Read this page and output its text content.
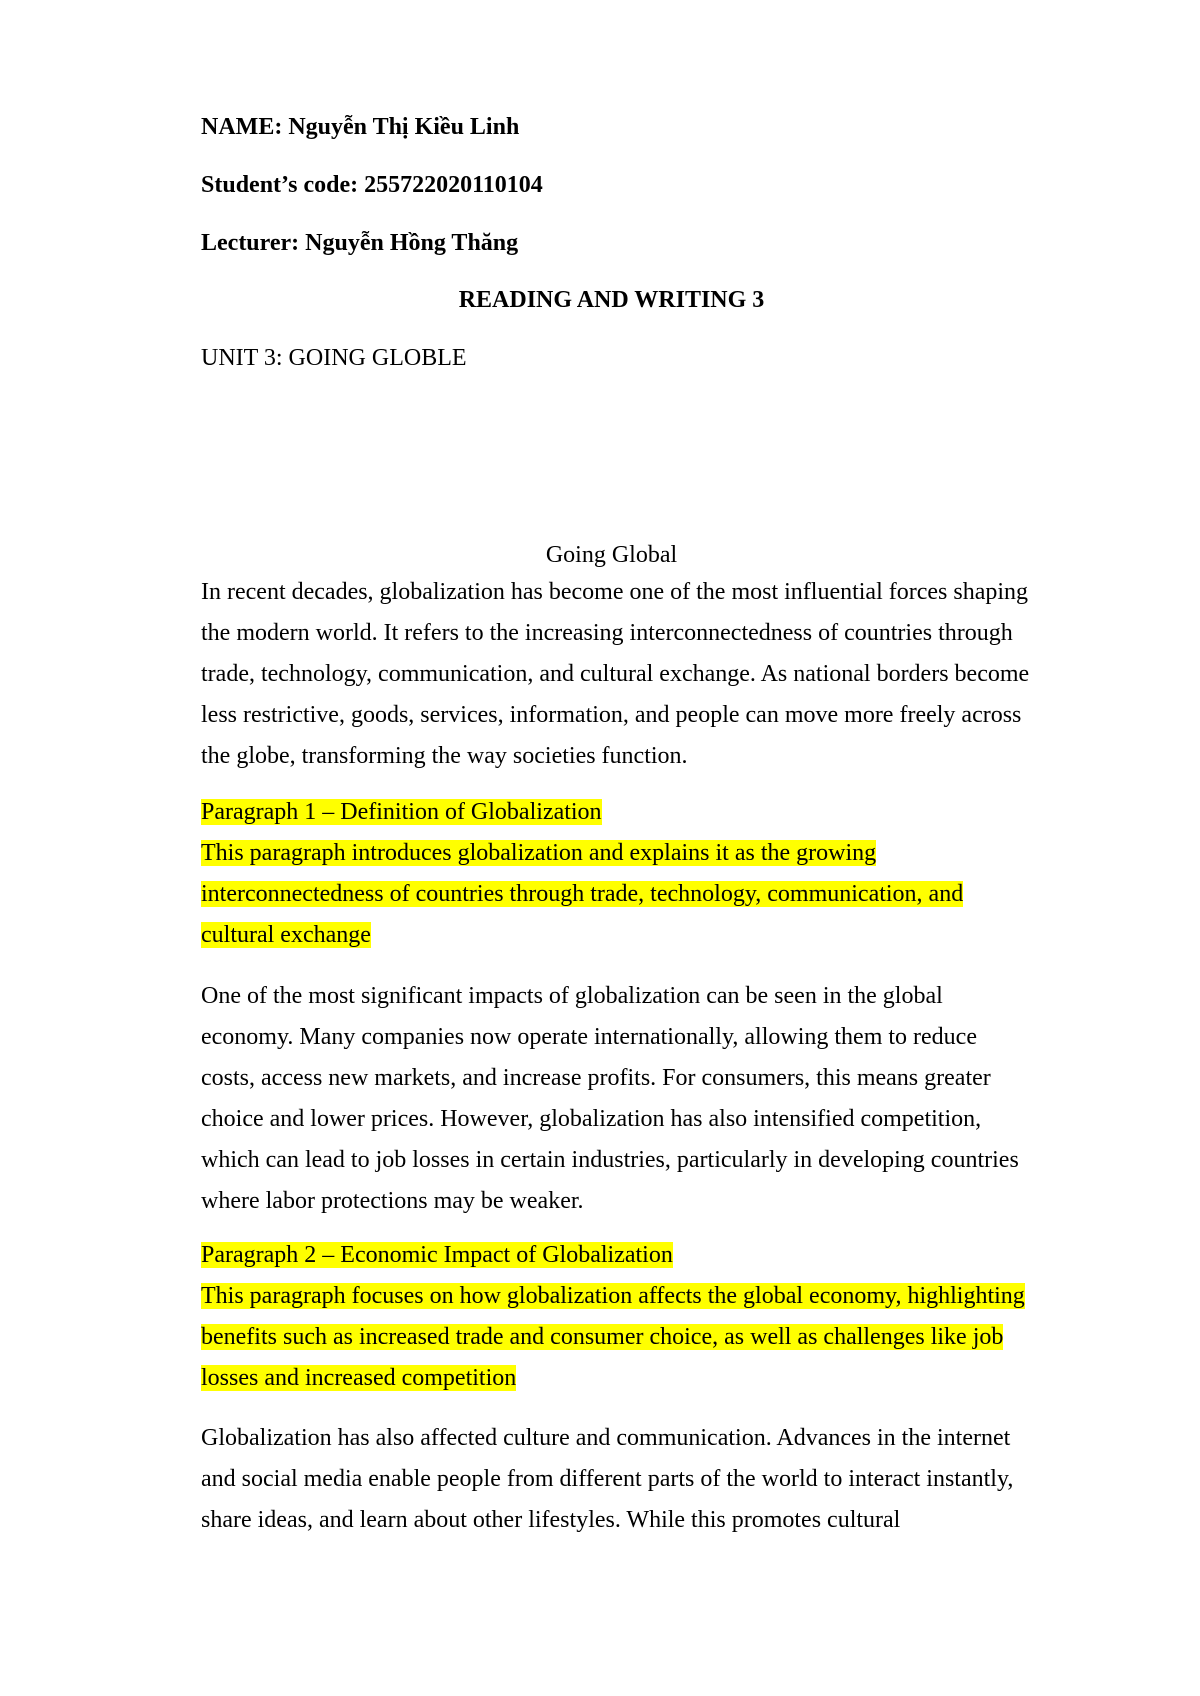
NAME: Nguyễn Thị Kiều Linh

Student’s code: 255722020110104

Lecturer: Nguyễn Hồng Thăng

READING AND WRITING 3

UNIT 3: GOING GLOBLE

Going Global

In recent decades, globalization has become one of the most influential forces shaping
the modern world. It refers to the increasing interconnectedness of countries through
trade, technology, communication, and cultural exchange. As national borders become
less restrictive, goods, services, information, and people can move more freely across
the globe, transforming the way societies function.
Paragraph 1 – Definition of Globalization
This paragraph introduces globalization and explains it as the growing
interconnectedness of countries through trade, technology, communication, and
cultural exchange
One of the most significant impacts of globalization can be seen in the global
economy. Many companies now operate internationally, allowing them to reduce
costs, access new markets, and increase profits. For consumers, this means greater
choice and lower prices. However, globalization has also intensified competition,
which can lead to job losses in certain industries, particularly in developing countries
where labor protections may be weaker.
Paragraph 2 – Economic Impact of Globalization
This paragraph focuses on how globalization affects the global economy, highlighting
benefits such as increased trade and consumer choice, as well as challenges like job
losses and increased competition
Globalization has also affected culture and communication. Advances in the internet
and social media enable people from different parts of the world to interact instantly,
share ideas, and learn about other lifestyles. While this promotes cultural
